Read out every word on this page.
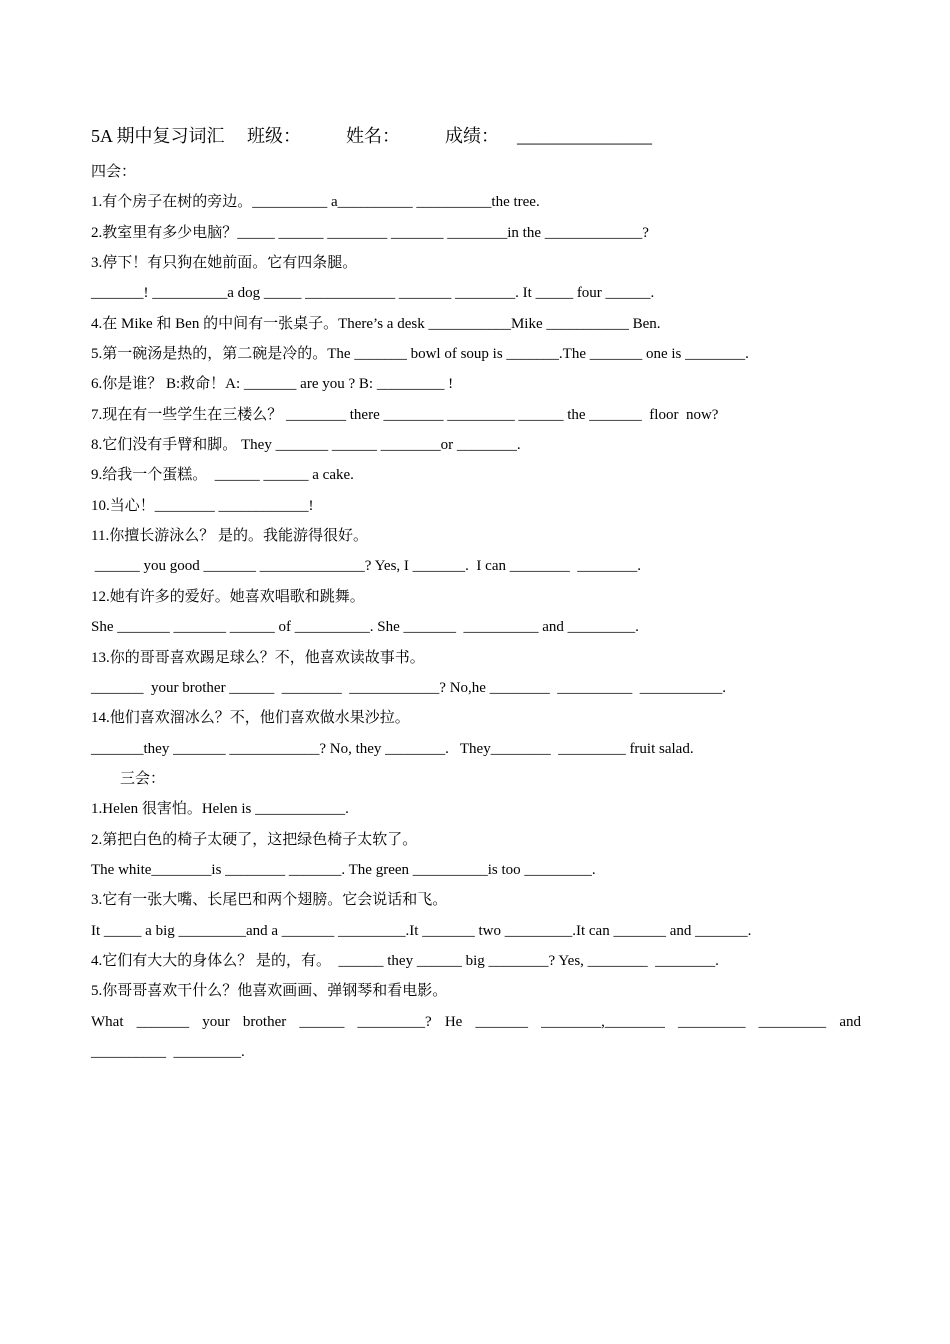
5A 期中复习词汇     班级：          姓名：          成绩：    _______________
四会：
1.有个房子在树的旁边。__________ a__________ __________the tree.
2.教室里有多少电脑？_____ ______ ________ _______ ________in the _____________?
3.停下！有只狗在她前面。它有四条腿。
_______! __________a dog _____ ____________ _______ ________. It _____ four ______.
4.在 Mike 和 Ben 的中间有一张桌子。There’s a desk ___________Mike ___________ Ben.
5.第一碗汤是热的，第二碗是冷的。The _______ bowl of soup is _______.The _______ one is ________.
6.你是谁？ B:救命！A: _______ are you ? B: _________ !
7.现在有一些学生在三楼么？ ________ there ________ _________ ______ the _______  floor  now?
8.它们没有手臂和脚。 They _______ ______ ________or ________.
9.给我一个蛋糕。  ______ ______ a cake.
10.当心！________ ____________!
11.你擅长游泳么？ 是的。我能游得很好。
______ you good _______ ______________? Yes, I _______.  I can ________  ________.
12.她有许多的爱好。她喜欢唱歌和跳舞。
She _______ _______ ______ of __________. She _______  __________ and _________.
13.你的哥哥喜欢踢足球么？不，他喜欢读故事书。
_______  your brother ______  ________  ____________? No,he ________  __________  ___________.
14.他们喜欢溜冰么？不，他们喜欢做水果沙拉。
_______they _______ ____________? No, they ________.   They________  _________ fruit salad.
三会：
1.Helen 很害怕。Helen is ____________.
2.第把白色的椅子太硬了，这把绿色椅子太软了。
The white________is ________ _______. The green __________is too _________.
3.它有一张大嘴、长尾巴和两个翅膀。它会说话和飞。
It _____ a big _________and a _______ _________.It _______ two _________.It can _______ and _______.
4.它们有大大的身体么？ 是的，有。  ______ they ______ big ________? Yes, ________  ________.
5.你哥哥喜欢干什么？他喜欢画画、弹钢琴和看电影。
What _______ your brother ______ _________? He _______ ________,________ _________ _________ and
__________  _________.
